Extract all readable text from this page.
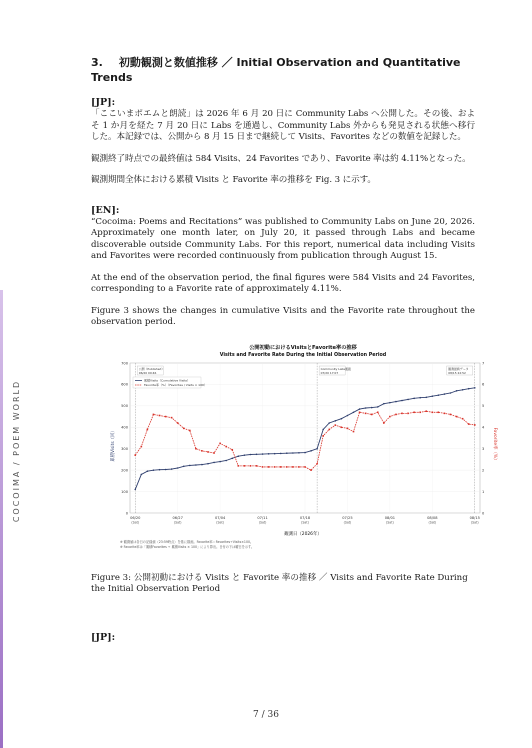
COCOIMA / POEM WORLD
3. 初動観測と数値推移 ／ Initial Observation and Quantitative Trends
[JP]:

「ここいまポエムと朗読」は 2026 年 6 月 20 日に Community Labs へ公開した。その後、およそ 1 か月を経た 7 月 20 日に Labs を通過し、Community Labs 外からも発見される状態へ移行した。本記録では、公開から 8 月 15 日まで継続して Visits、Favorites などの数値を記録した。

観測終了時点での最終値は 584 Visits、24 Favorites であり、Favorite 率は約 4.11%となった。

観測期間全体における累積 Visits と Favorite 率の推移を Fig. 3 に示す。

[EN]:

“Cocoima: Poems and Recitations” was published to Community Labs on June 20, 2026. Approximately one month later, on July 20, it passed through Labs and became discoverable outside Community Labs. For this report, numerical data including Visits and Favorites were recorded continuously from publication through August 15.

At the end of the observation period, the final figures were 584 Visits and 24 Favorites, corresponding to a Favorite rate of approximately 4.11%.

Figure 3 shows the changes in cumulative Visits and the Favorite rate throughout the observation period.

公開初動におけるVisitsとFavorite率の推移
Visits and Favorite Rate During the Initial Observation Period
累積Visits（回）	Favorite率（%）
観測日（2026年）
※ 観測値は各日の記録値（23:59時点）を基に描画。Favorite率＝Favorites÷Visits×100。
※ Favorite率は「累積Favorites ÷ 累積Visits × 100」により算出。日付の下は曜日を示す。
0
100
200
300
400
500
600
700
0
1
2
3
4
5
6
7
06/20
(Sat)
06/27
(Sat)
07/04
(Sat)
07/11
(Sat)
07/18
(Sat)
07/25
(Sat)
08/01
(Sat)
08/08
(Sat)
08/15
(Sat)
公開（Published）
06/20 09:46
Community Labs通過
07/20 17:07
観測最終データ
08/15 22:52
累積Visits（Cumulative Visits）
Favorite率（%）（Favorites / Visits × 100）
Figure 3: 公開初動における Visits と Favorite 率の推移 ／ Visits and Favorite Rate During the Initial Observation Period
[JP]:
7 / 36
